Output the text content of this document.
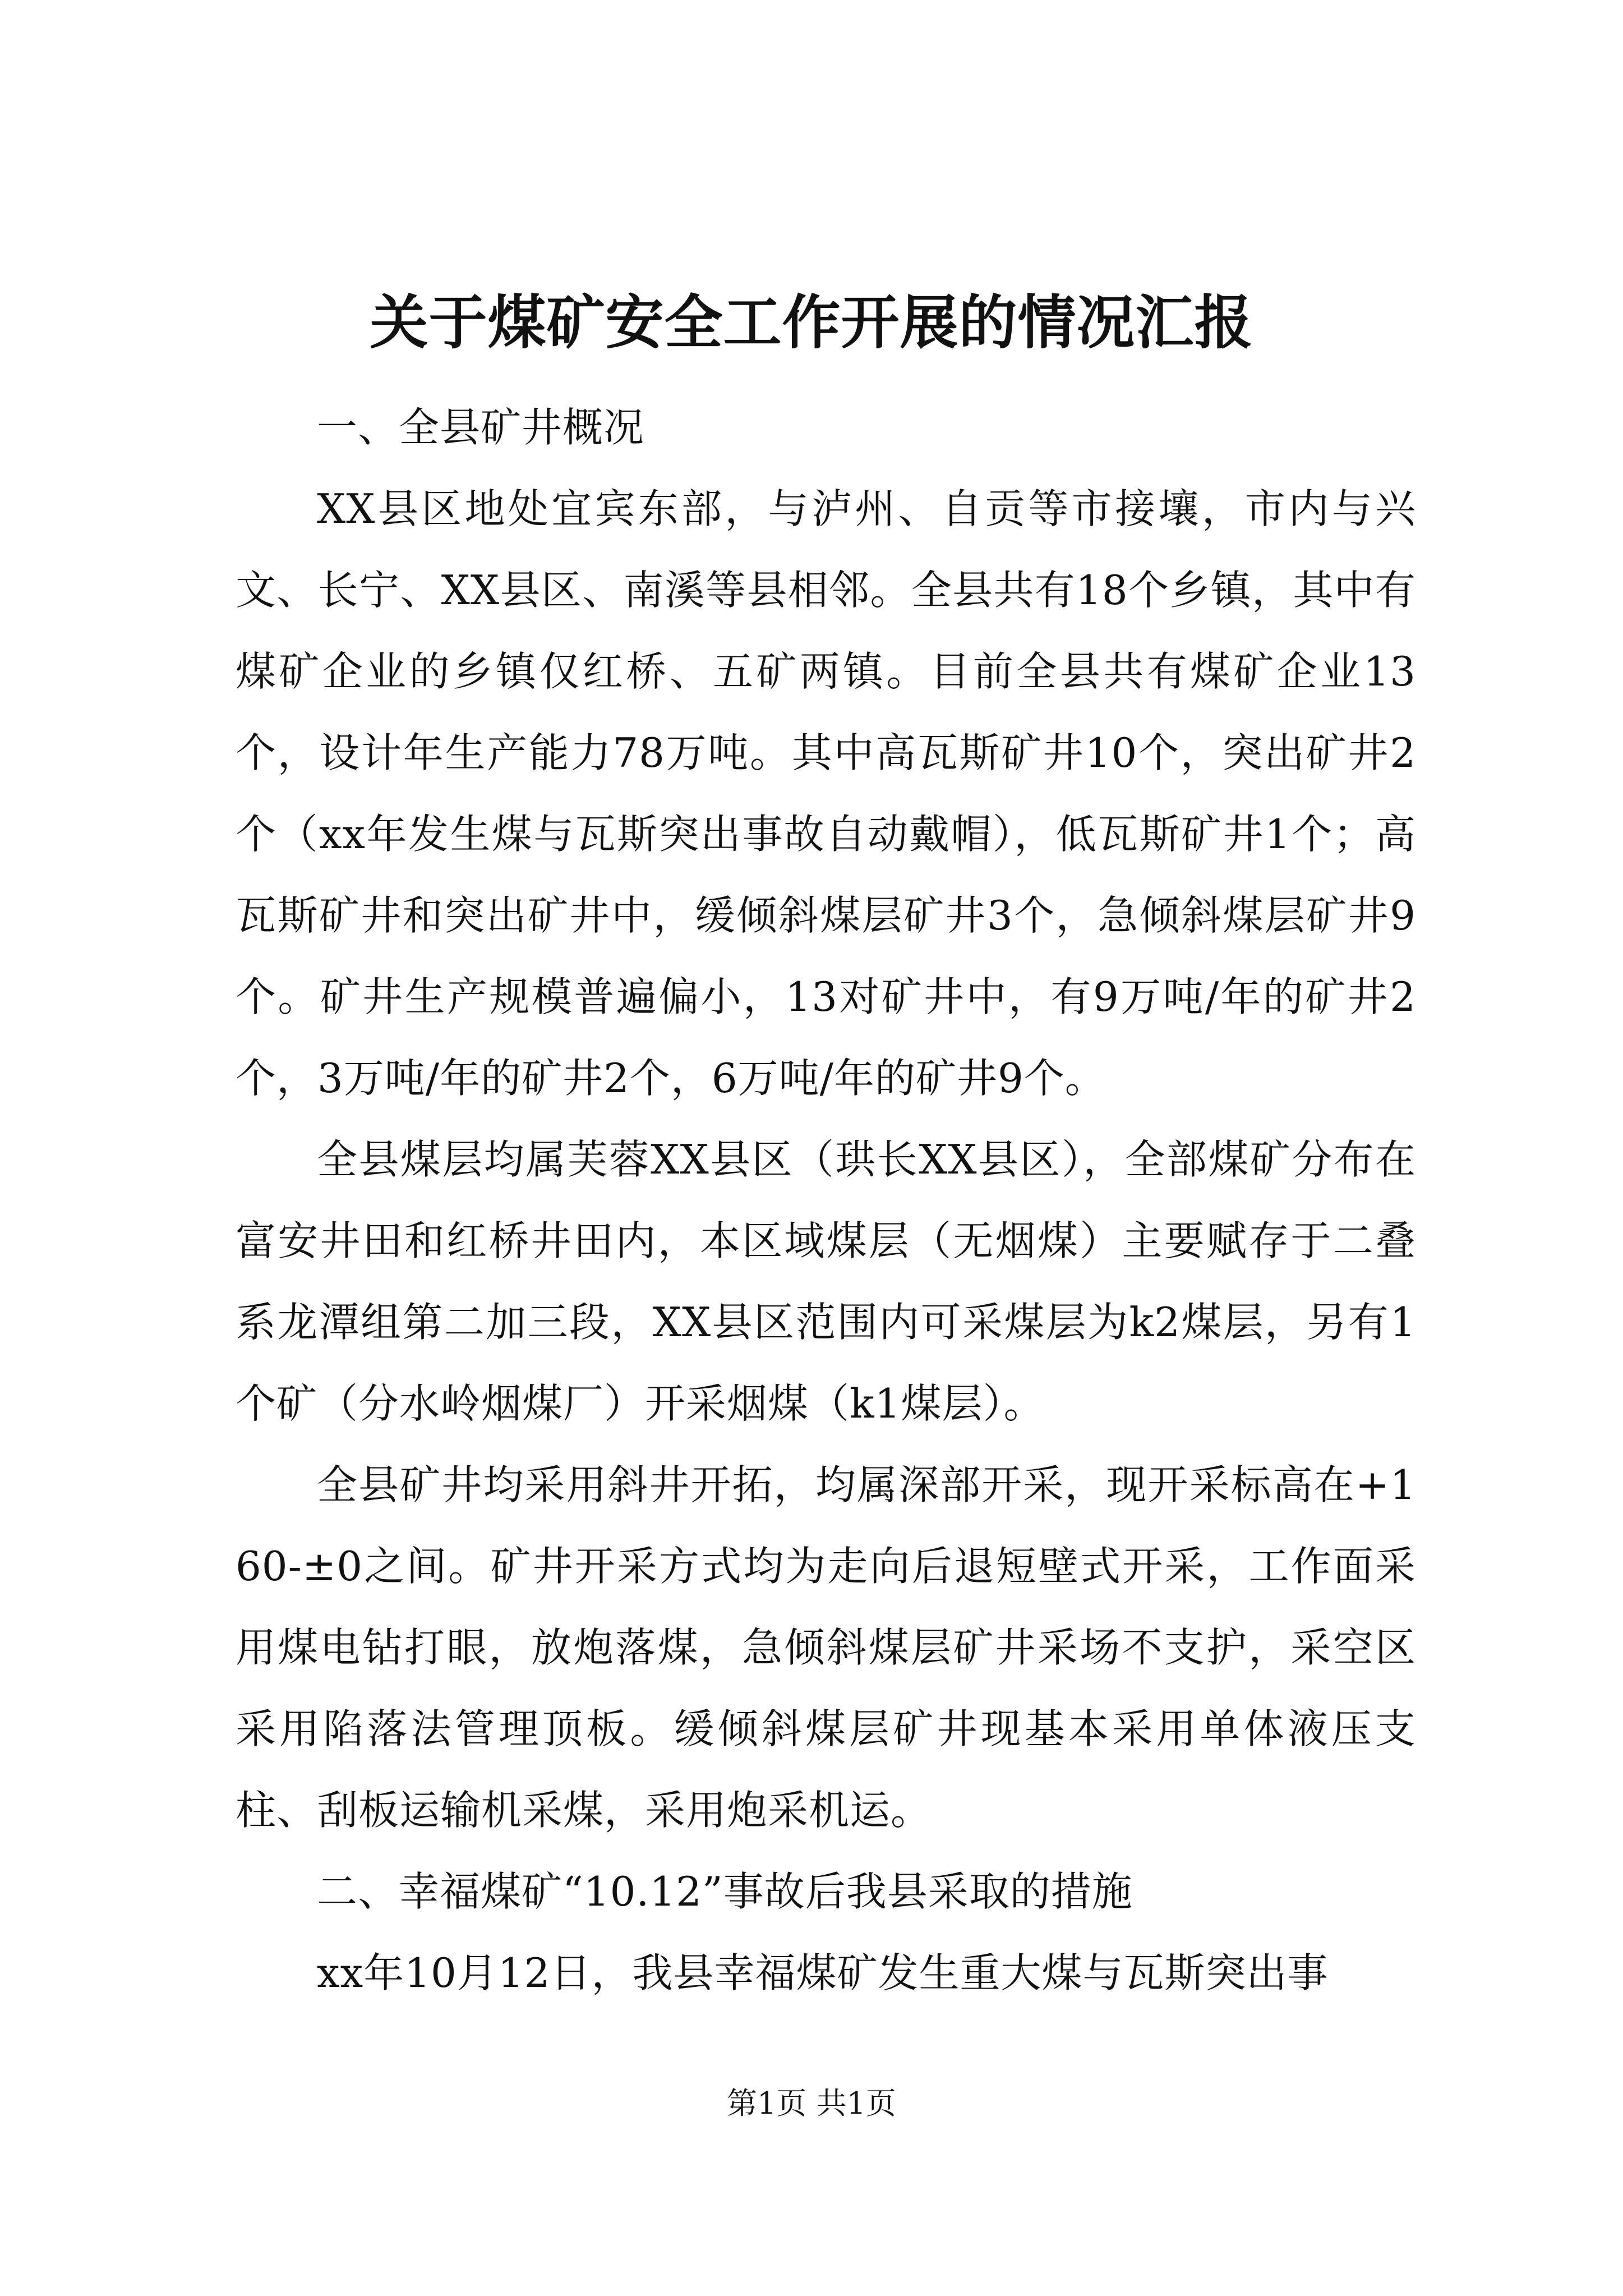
关于煤矿安全工作开展的情况汇报

一、全县矿井概况

XX县区地处宜宾东部，与泸州、自贡等市接壤，市内与兴文、长宁、XX县区、南溪等县相邻。全县共有18个乡镇，其中有煤矿企业的乡镇仅红桥、五矿两镇。目前全县共有煤矿企业13个，设计年生产能力78万吨。其中高瓦斯矿井10个，突出矿井2个（xx年发生煤与瓦斯突出事故自动戴帽），低瓦斯矿井1个；高瓦斯矿井和突出矿井中，缓倾斜煤层矿井3个，急倾斜煤层矿井9个。矿井生产规模普遍偏小，13对矿井中，有9万吨/年的矿井2个，3万吨/年的矿井2个，6万吨/年的矿井9个。

全县煤层均属芙蓉XX县区（珙长XX县区），全部煤矿分布在富安井田和红桥井田内，本区域煤层（无烟煤）主要赋存于二叠系龙潭组第二加三段，XX县区范围内可采煤层为k2煤层，另有1个矿（分水岭烟煤厂）开采烟煤（k1煤层）。

全县矿井均采用斜井开拓，均属深部开采，现开采标高在+160-±0之间。矿井开采方式均为走向后退短壁式开采，工作面采用煤电钻打眼，放炮落煤，急倾斜煤层矿井采场不支护，采空区采用陷落法管理顶板。缓倾斜煤层矿井现基本采用单体液压支柱、刮板运输机采煤，采用炮采机运。

二、幸福煤矿“10.12”事故后我县采取的措施

xx年10月12日，我县幸福煤矿发生重大煤与瓦斯突出事

第1页 共1页
